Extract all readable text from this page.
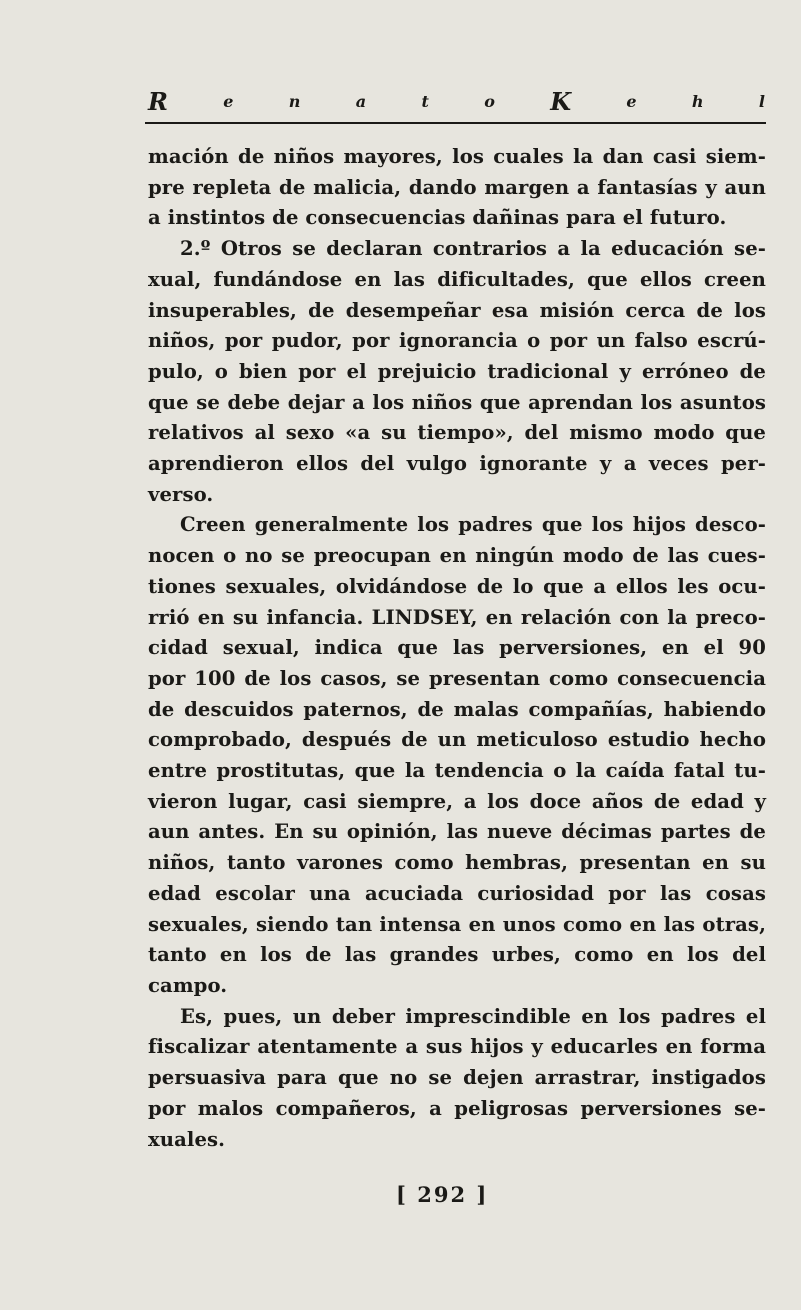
R	e	n	a	t	o K	e	h	l
mación de niños mayores, los cuales la dan casi siem-
pre repleta de malicia, dando margen a fantasías y aun
a instintos de consecuencias dañinas para el futuro.
2.º Otros se declaran contrarios a la educación se-
xual, fundándose en las dificultades, que ellos creen
insuperables, de desempeñar esa misión cerca de los
niños, por pudor, por ignorancia o por un falso escrú-
pulo, o bien por el prejuicio tradicional y erróneo de
que se debe dejar a los niños que aprendan los asuntos
relativos al sexo «a su tiempo», del mismo modo que
aprendieron ellos del vulgo ignorante y a veces per-
verso.
Creen generalmente los padres que los hijos desco-
nocen o no se preocupan en ningún modo de las cues-
tiones sexuales, olvidándose de lo que a ellos les ocu-
rrió en su infancia. LINDSEY, en relación con la preco-
cidad sexual, indica que las perversiones, en el 90
por 100 de los casos, se presentan como consecuencia
de descuidos paternos, de malas compañías, habiendo
comprobado, después de un meticuloso estudio hecho
entre prostitutas, que la tendencia o la caída fatal tu-
vieron lugar, casi siempre, a los doce años de edad y
aun antes. En su opinión, las nueve décimas partes de
niños, tanto varones como hembras, presentan en su
edad escolar una acuciada curiosidad por las cosas
sexuales, siendo tan intensa en unos como en las otras,
tanto en los de las grandes urbes, como en los del
campo.
Es, pues, un deber imprescindible en los padres el
fiscalizar atentamente a sus hijos y educarles en forma
persuasiva para que no se dejen arrastrar, instigados
por malos compañeros, a peligrosas perversiones se-
xuales.
[ 292 ]
